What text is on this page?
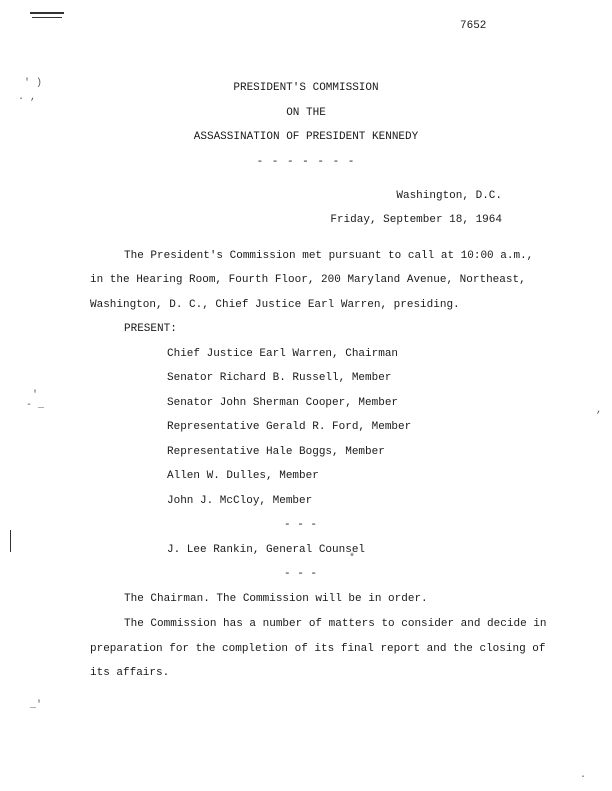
' )
. ,
'
- _	,
_'
.
*
7652
PRESIDENT'S COMMISSION
ON THE
ASSASSINATION OF PRESIDENT KENNEDY
- - - - - - -
Washington, D.C.
Friday, September 18, 1964
The President's Commission met pursuant to call at 10:00 a.m.,
in the Hearing Room, Fourth Floor, 200 Maryland Avenue, Northeast,
Washington, D. C., Chief Justice Earl Warren, presiding.
PRESENT:
Chief Justice Earl Warren, Chairman
Senator Richard B. Russell, Member
Senator John Sherman Cooper, Member
Representative Gerald R. Ford, Member
Representative Hale Boggs, Member
Allen W. Dulles, Member
John J. McCloy, Member
- - -
J. Lee Rankin, General Counsel
- - -
The Chairman. The Commission will be in order.
The Commission has a number of matters to consider and decide in
preparation for the completion of its final report and the closing of
its affairs.
